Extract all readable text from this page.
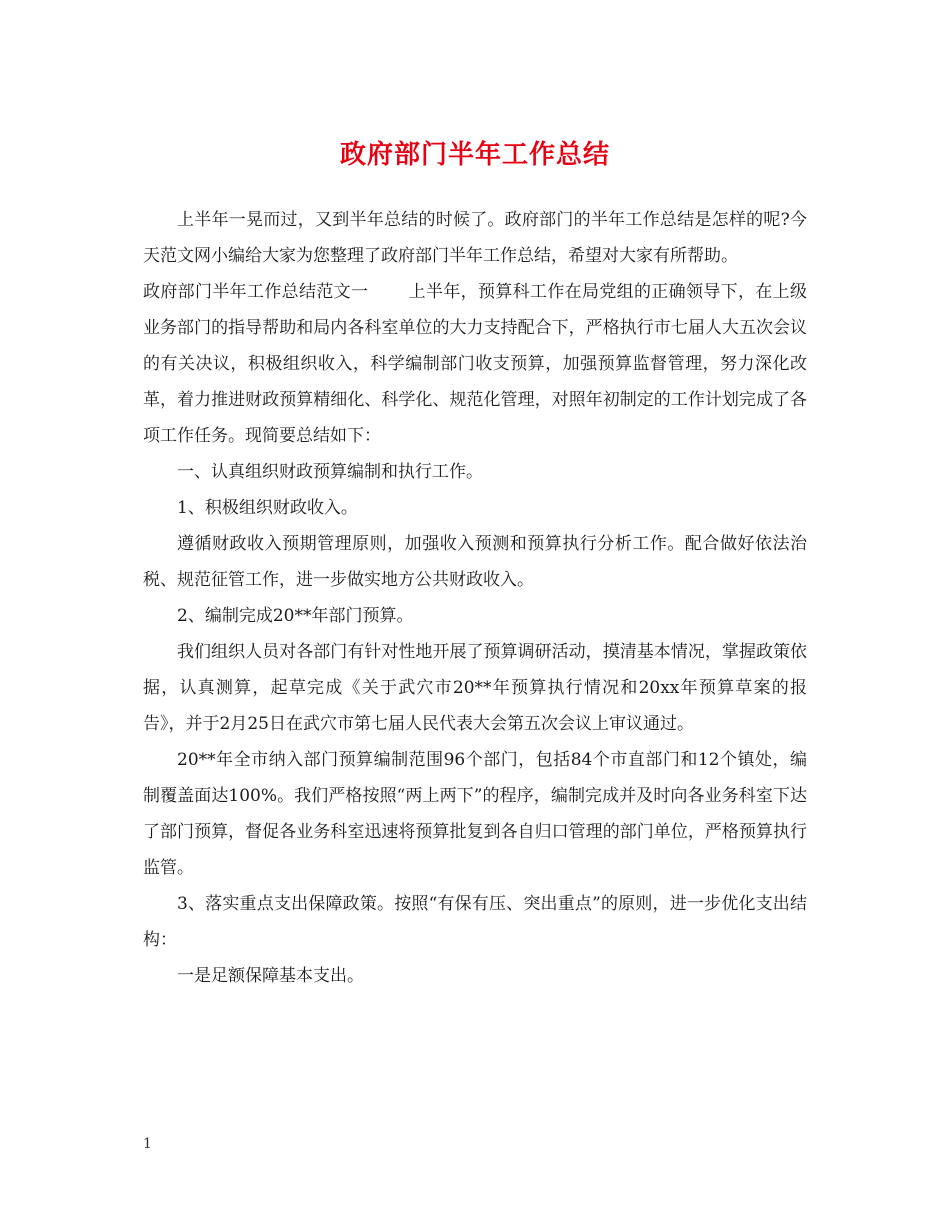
政府部门半年工作总结

上半年一晃而过，又到半年总结的时候了。政府部门的半年工作总结是怎样的呢?今天范文网小编给大家为您整理了政府部门半年工作总结，希望对大家有所帮助。

政府部门半年工作总结范文一 上半年，预算科工作在局党组的正确领导下，在上级业务部门的指导帮助和局内各科室单位的大力支持配合下，严格执行市七届人大五次会议的有关决议，积极组织收入，科学编制部门收支预算，加强预算监督管理，努力深化改革，着力推进财政预算精细化、科学化、规范化管理，对照年初制定的工作计划完成了各项工作任务。现简要总结如下：

一、认真组织财政预算编制和执行工作。

1、积极组织财政收入。

遵循财政收入预期管理原则，加强收入预测和预算执行分析工作。配合做好依法治税、规范征管工作，进一步做实地方公共财政收入。

2、编制完成20**年部门预算。

我们组织人员对各部门有针对性地开展了预算调研活动，摸清基本情况，掌握政策依据，认真测算，起草完成《关于武穴市20**年预算执行情况和20xx年预算草案的报告》，并于2月25日在武穴市第七届人民代表大会第五次会议上审议通过。

20**年全市纳入部门预算编制范围96个部门，包括84个市直部门和12个镇处，编制覆盖面达100%。我们严格按照“两上两下”的程序，编制完成并及时向各业务科室下达了部门预算，督促各业务科室迅速将预算批复到各自归口管理的部门单位，严格预算执行监管。

3、落实重点支出保障政策。按照“有保有压、突出重点”的原则，进一步优化支出结构：

一是足额保障基本支出。

1
